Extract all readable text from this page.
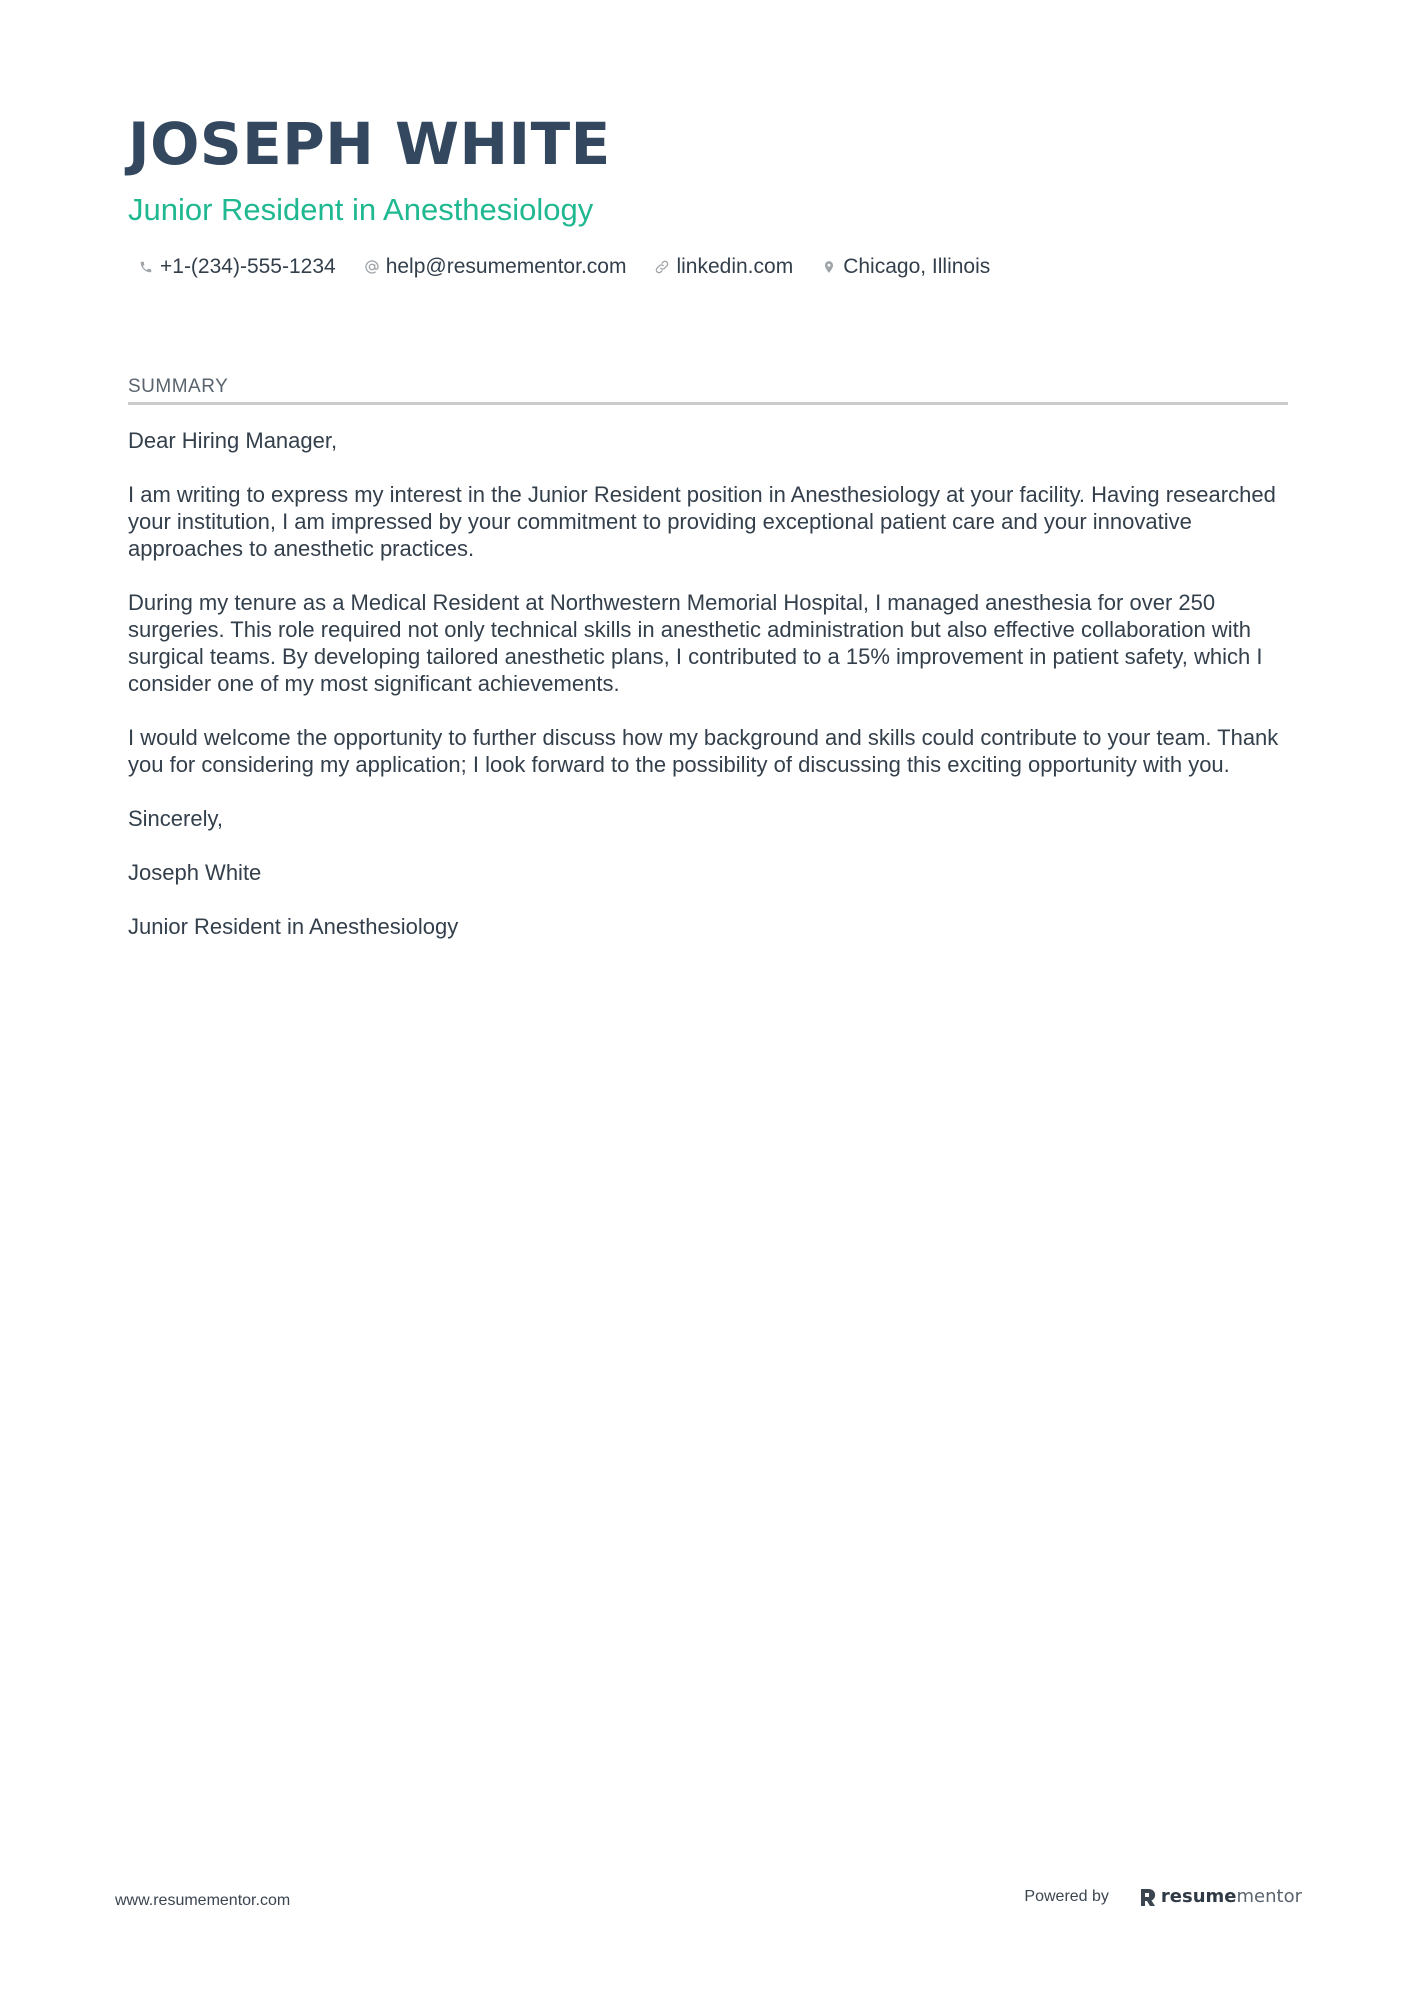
JOSEPH WHITE
Junior Resident in Anesthesiology
+1-(234)-555-1234 help@resumementor.com linkedin.com Chicago, Illinois
SUMMARY

Dear Hiring Manager,

I am writing to express my interest in the Junior Resident position in Anesthesiology at your facility. Having researched your institution, I am impressed by your commitment to providing exceptional patient care and your innovative approaches to anesthetic practices.

During my tenure as a Medical Resident at Northwestern Memorial Hospital, I managed anesthesia for over 250 surgeries. This role required not only technical skills in anesthetic administration but also effective collaboration with surgical teams. By developing tailored anesthetic plans, I contributed to a 15% improvement in patient safety, which I consider one of my most significant achievements.

I would welcome the opportunity to further discuss how my background and skills could contribute to your team. Thank you for considering my application; I look forward to the possibility of discussing this exciting opportunity with you.

Sincerely,

Joseph White

Junior Resident in Anesthesiology

www.resumementor.com	Powered by	resume mentor
